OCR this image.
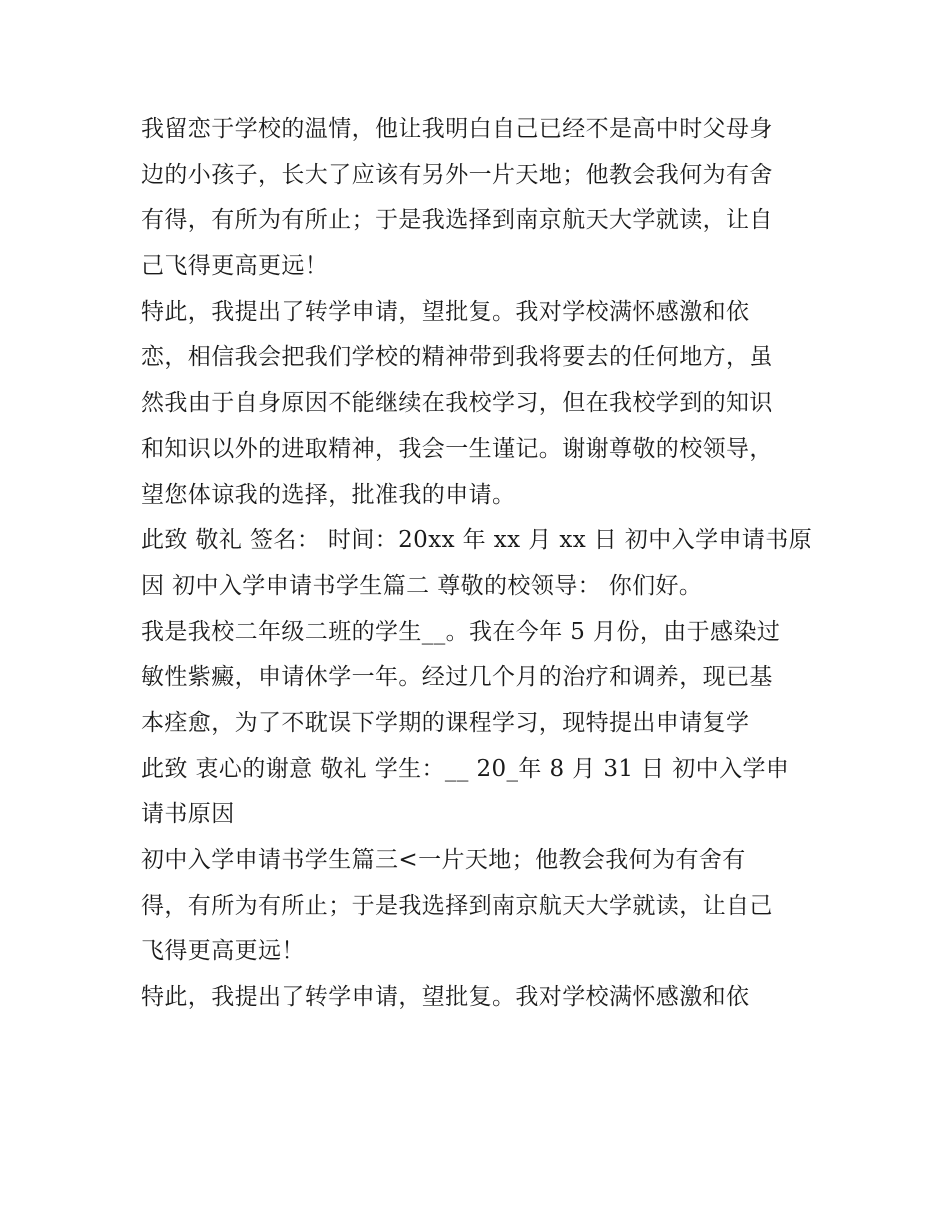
我留恋于学校的温情，他让我明白自己已经不是高中时父母身
边的小孩子，长大了应该有另外一片天地；他教会我何为有舍
有得，有所为有所止；于是我选择到南京航天大学就读，让自
己飞得更高更远！
特此，我提出了转学申请，望批复。我对学校满怀感激和依
恋，相信我会把我们学校的精神带到我将要去的任何地方，虽
然我由于自身原因不能继续在我校学习，但在我校学到的知识
和知识以外的进取精神，我会一生谨记。谢谢尊敬的校领导，
望您体谅我的选择，批准我的申请。
此致 敬礼 签名： 时间：20xx 年 xx 月 xx 日 初中入学申请书原
因 初中入学申请书学生篇二 尊敬的校领导： 你们好。
我是我校二年级二班的学生__。我在今年 5 月份，由于感染过
敏性紫癜，申请休学一年。经过几个月的治疗和调养，现已基
本痊愈，为了不耽误下学期的课程学习，现特提出申请复学
此致 衷心的谢意 敬礼 学生：__ 20_年 8 月 31 日 初中入学申
请书原因
初中入学申请书学生篇三<一片天地；他教会我何为有舍有
得，有所为有所止；于是我选择到南京航天大学就读，让自己
飞得更高更远！
特此，我提出了转学申请，望批复。我对学校满怀感激和依
